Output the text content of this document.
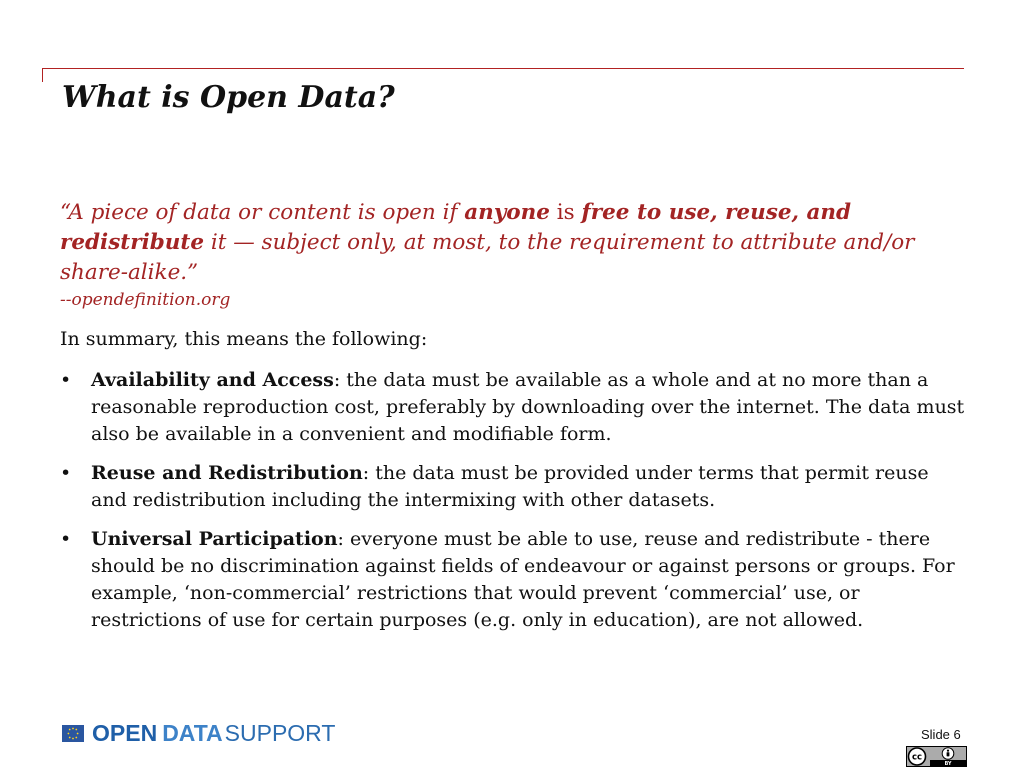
What is Open Data?

“A piece of data or content is open if anyone is free to use, reuse, and redistribute it — subject only, at most, to the requirement to attribute and/or share-alike.”

--opendefinition.org

In summary, this means the following:

• Availability and Access: the data must be available as a whole and at no more than a reasonable reproduction cost, preferably by downloading over the internet. The data must also be available in a convenient and modifiable form.
• Reuse and Redistribution: the data must be provided under terms that permit reuse and redistribution including the intermixing with other datasets.
• Universal Participation: everyone must be able to use, reuse and redistribute - there should be no discrimination against fields of endeavour or against persons or groups. For example, ‘non-commercial’ restrictions that would prevent ‘commercial’ use, or restrictions of use for certain purposes (e.g. only in education), are not allowed.
OPEN DATA SUPPORT	Slide 6
cc
BY
